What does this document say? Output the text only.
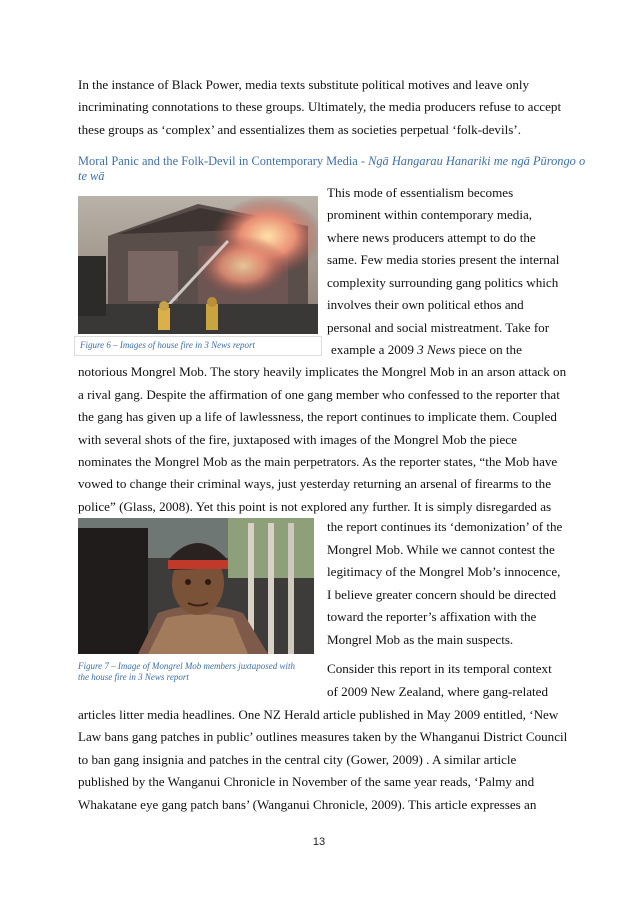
In the instance of Black Power, media texts substitute political motives and leave only
incriminating connotations to these groups. Ultimately, the media producers refuse to accept
these groups as ‘complex’ and essentializes them as societies perpetual ‘folk-devils’.
Moral Panic and the Folk-Devil in Contemporary Media - Ngā Hangarau Hanariki me ngā Pūrongo o
te wā
Figure 6 – Images of house fire in 3 News report
This mode of essentialism becomes
prominent within contemporary media,
where news producers attempt to do the
same. Few media stories present the internal
complexity surrounding gang politics which
involves their own political ethos and
personal and social mistreatment. Take for
example a 2009 3 News piece on the
notorious Mongrel Mob. The story heavily implicates the Mongrel Mob in an arson attack on
a rival gang. Despite the affirmation of one gang member who confessed to the reporter that
the gang has given up a life of lawlessness, the report continues to implicate them. Coupled
with several shots of the fire, juxtaposed with images of the Mongrel Mob the piece
nominates the Mongrel Mob as the main perpetrators. As the reporter states, “the Mob have
vowed to change their criminal ways, just yesterday returning an arsenal of firearms to the
police” (Glass, 2008). Yet this point is not explored any further. It is simply disregarded as
Figure 7 – Image of Mongrel Mob members juxtaposed with
the house fire in 3 News report
the report continues its ‘demonization’ of the
Mongrel Mob. While we cannot contest the
legitimacy of the Mongrel Mob’s innocence,
I believe greater concern should be directed
toward the reporter’s affixation with the
Mongrel Mob as the main suspects.
Consider this report in its temporal context
of 2009 New Zealand, where gang-related
articles litter media headlines. One NZ Herald article published in May 2009 entitled, ‘New
Law bans gang patches in public’ outlines measures taken by the Whanganui District Council
to ban gang insignia and patches in the central city (Gower, 2009) . A similar article
published by the Wanganui Chronicle in November of the same year reads, ‘Palmy and
Whakatane eye gang patch bans’ (Wanganui Chronicle, 2009). This article expresses an
13
